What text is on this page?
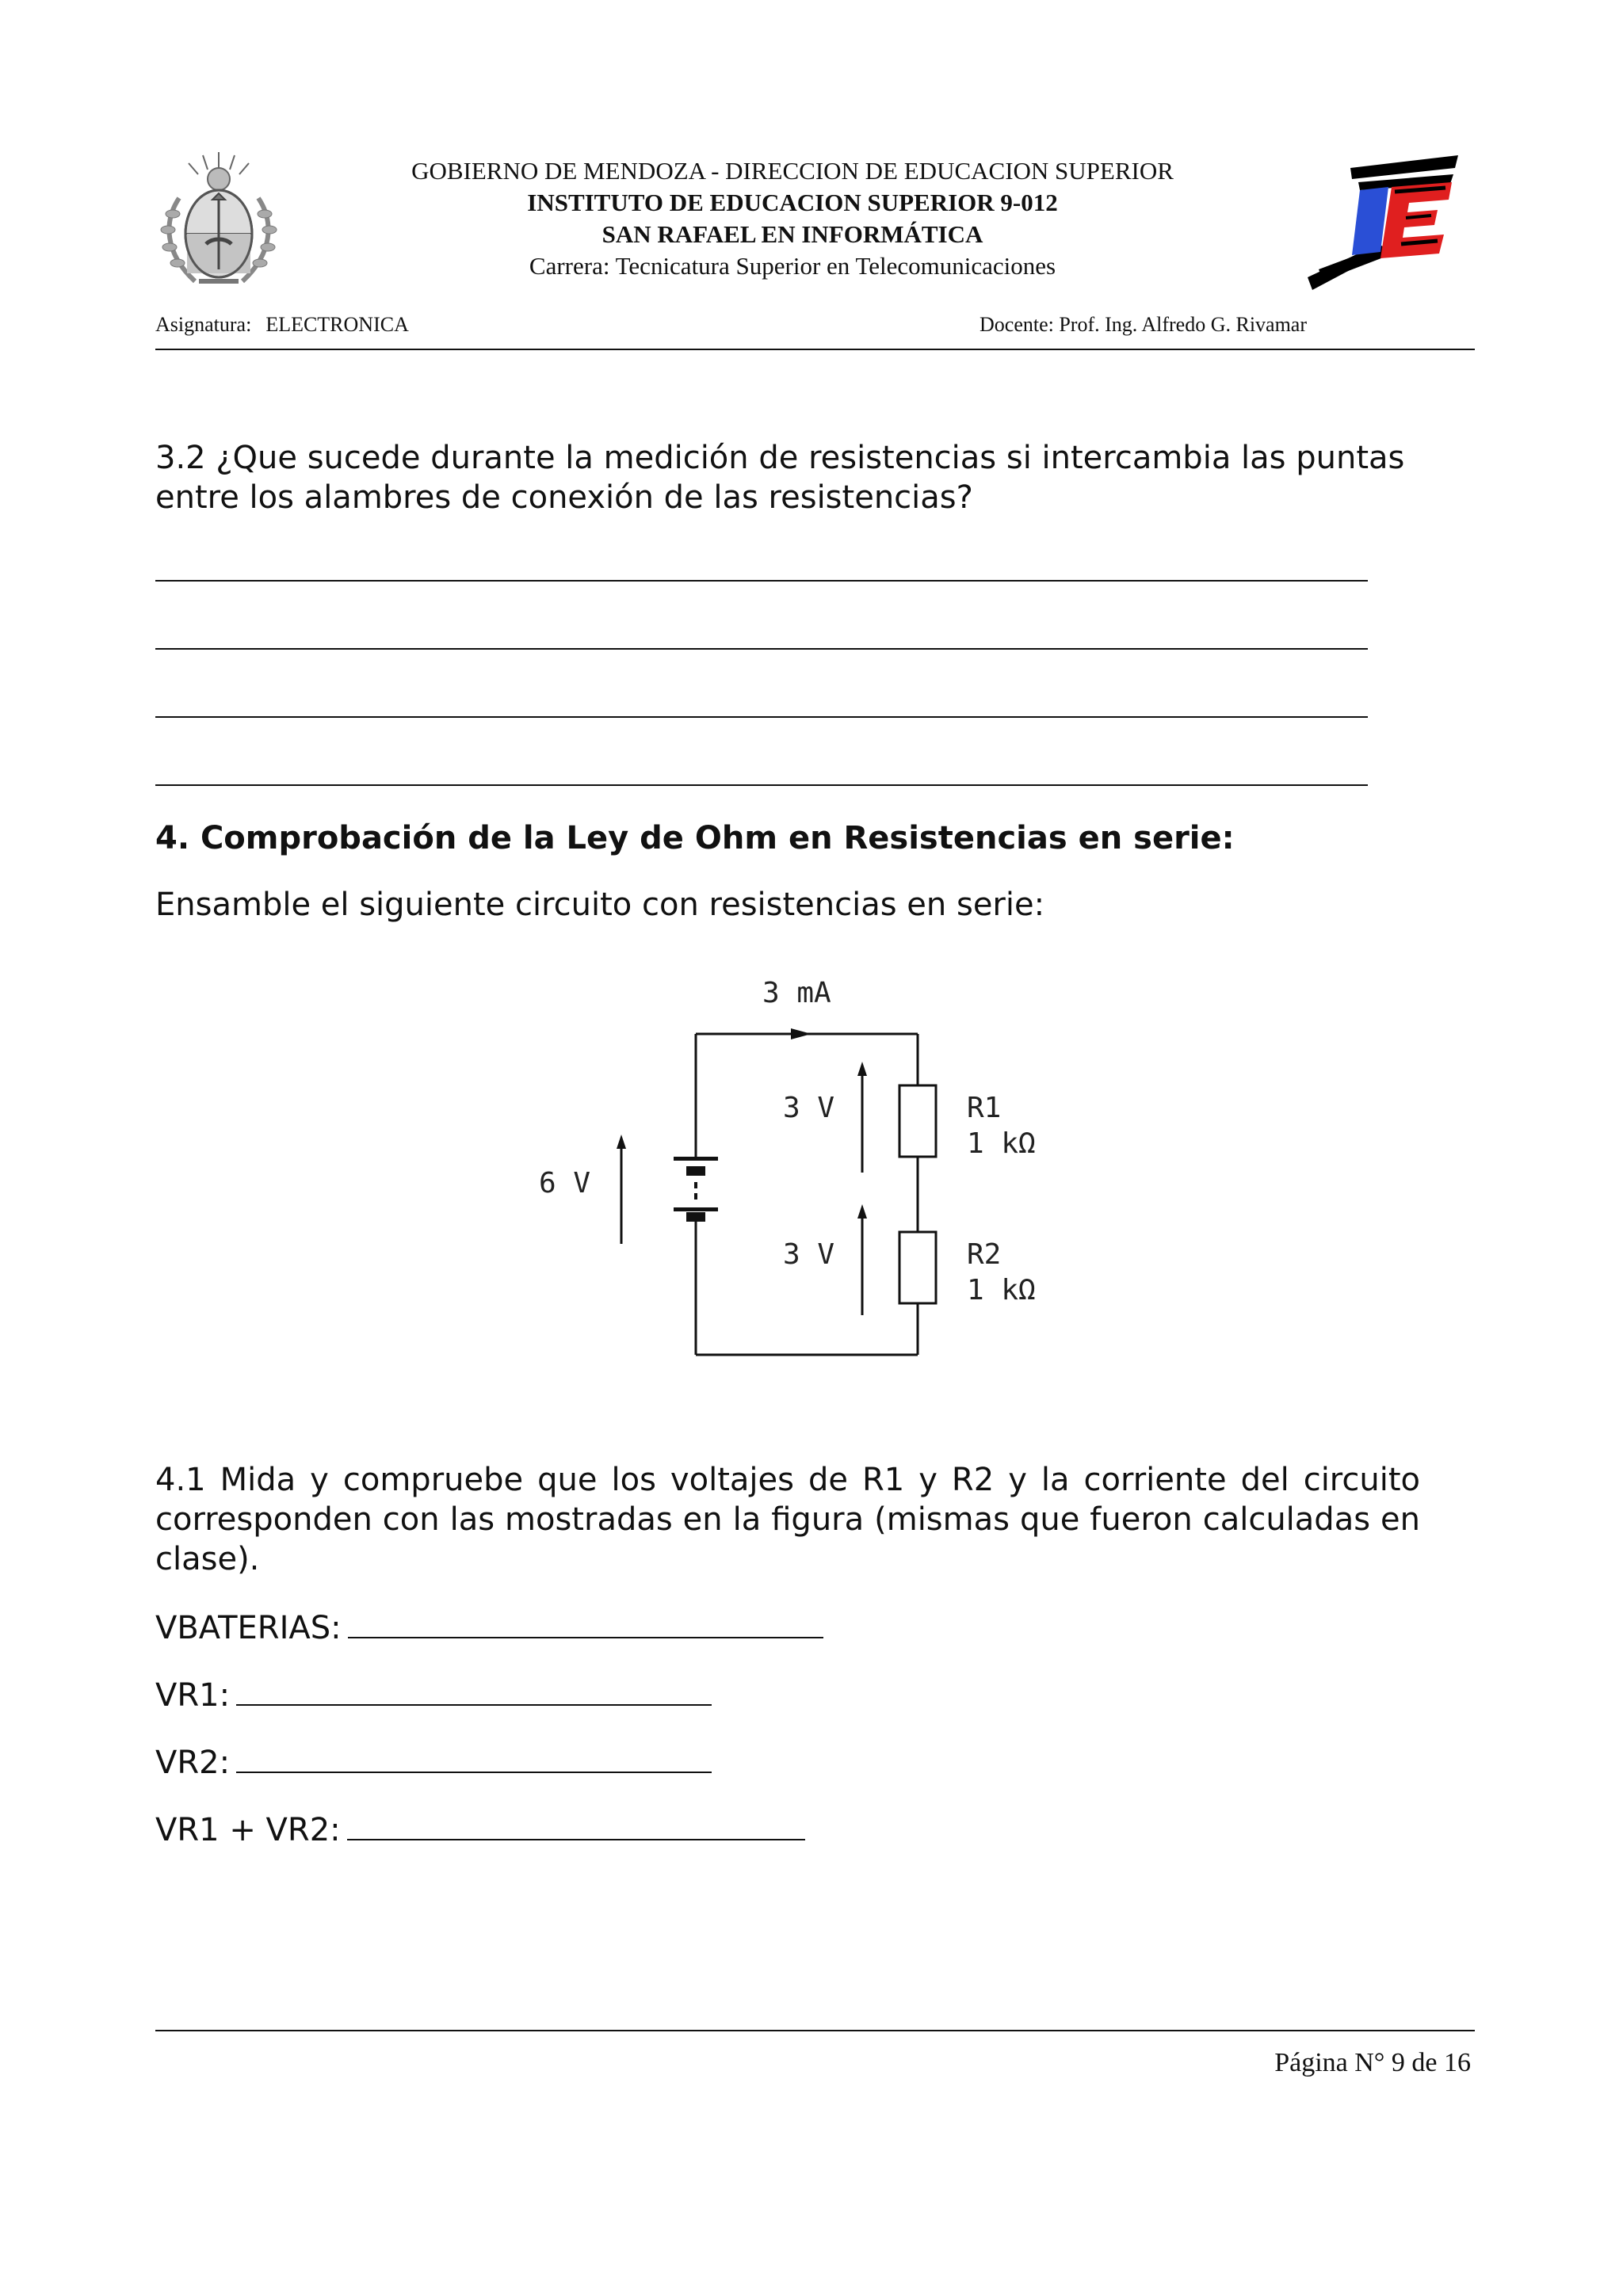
GOBIERNO DE MENDOZA - DIRECCION DE EDUCACION SUPERIOR
INSTITUTO DE EDUCACION SUPERIOR 9-012
SAN RAFAEL EN INFORMÁTICA
Carrera: Tecnicatura Superior en Telecomunicaciones
Asignatura: ELECTRONICA	Docente: Prof. Ing. Alfredo G. Rivamar
3.2 ¿Que sucede durante la medición de resistencias si intercambia las puntas entre los alambres de conexión de las resistencias?
4. Comprobación de la Ley de Ohm en Resistencias en serie:
Ensamble el siguiente circuito con resistencias en serie:
3 mA
6 V
3 V
3 V
R1
1 kΩ
R2
1 kΩ
4.1 Mida y compruebe que los voltajes de R1 y R2 y la corriente del circuito corresponden con las mostradas en la figura (mismas que fueron calculadas en clase).
VBATERIAS:
VR1:
VR2:
VR1 + VR2:
Página N° 9 de 16
